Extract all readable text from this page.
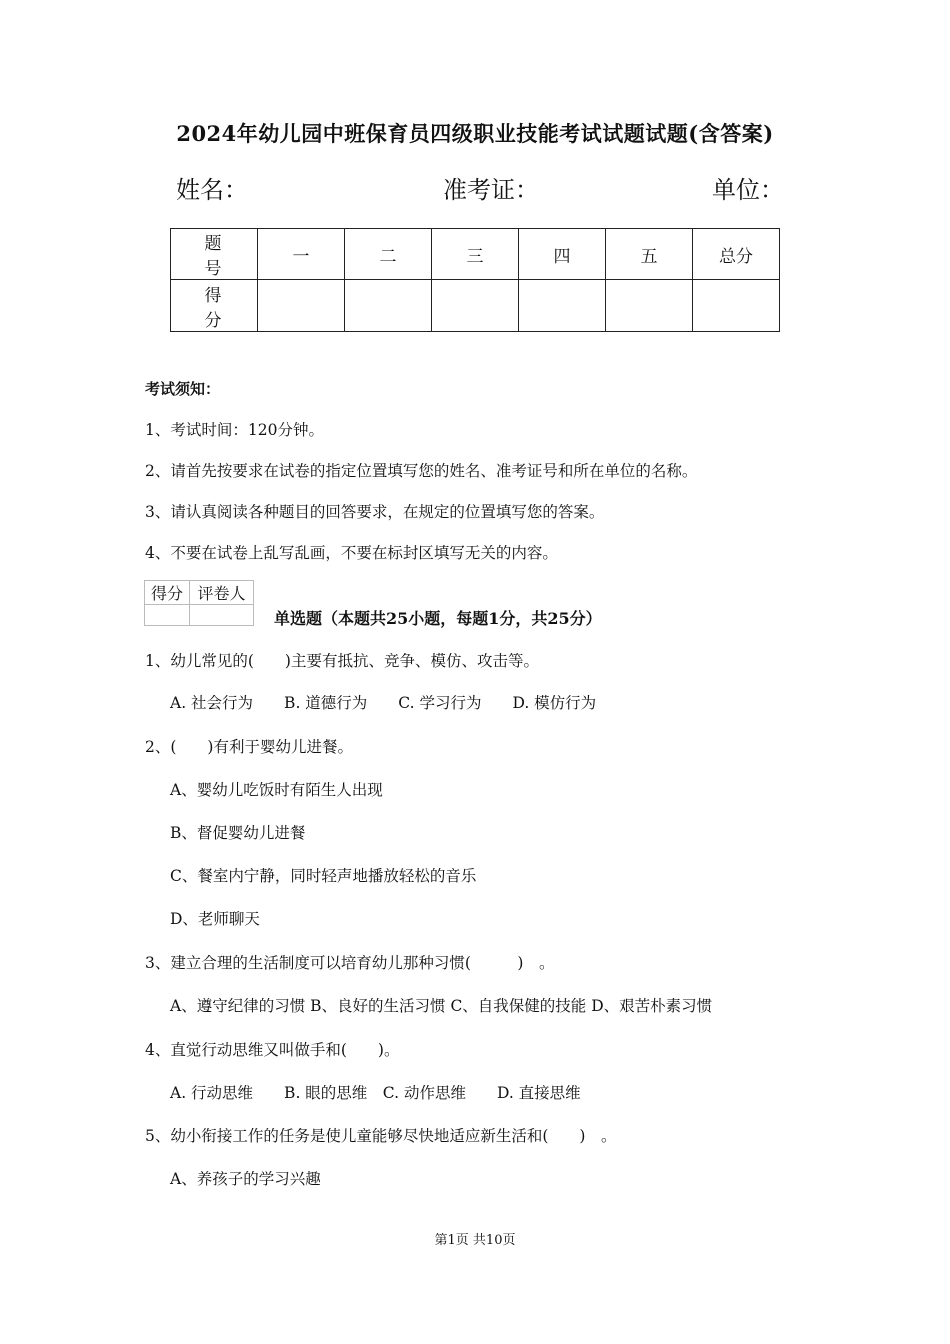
2024年幼儿园中班保育员四级职业技能考试试题试题(含答案)
姓名：	准考证：	单位：
题号	一	二	三	四	五	总分
得分						
考试须知：
1、考试时间：120分钟。
2、请首先按要求在试卷的指定位置填写您的姓名、准考证号和所在单位的名称。
3、请认真阅读各种题目的回答要求，在规定的位置填写您的答案。
4、不要在试卷上乱写乱画，不要在标封区填写无关的内容。
得分	评卷人

单选题（本题共25小题，每题1分，共25分）
1、幼儿常见的(　　)主要有抵抗、竞争、模仿、攻击等。
A. 社会行为　　B. 道德行为　　C. 学习行为　　D. 模仿行为
2、(　　)有利于婴幼儿进餐。
A、婴幼儿吃饭时有陌生人出现
B、督促婴幼儿进餐
C、餐室内宁静，同时轻声地播放轻松的音乐
D、老师聊天
3、建立合理的生活制度可以培育幼儿那种习惯(　　　)　。
A、遵守纪律的习惯 B、良好的生活习惯 C、自我保健的技能 D、艰苦朴素习惯
4、直觉行动思维又叫做手和(　　)。
A. 行动思维　　B. 眼的思维　C. 动作思维　　D. 直接思维
5、幼小衔接工作的任务是使儿童能够尽快地适应新生活和(　　)　。
A、养孩子的学习兴趣
第1页 共10页
